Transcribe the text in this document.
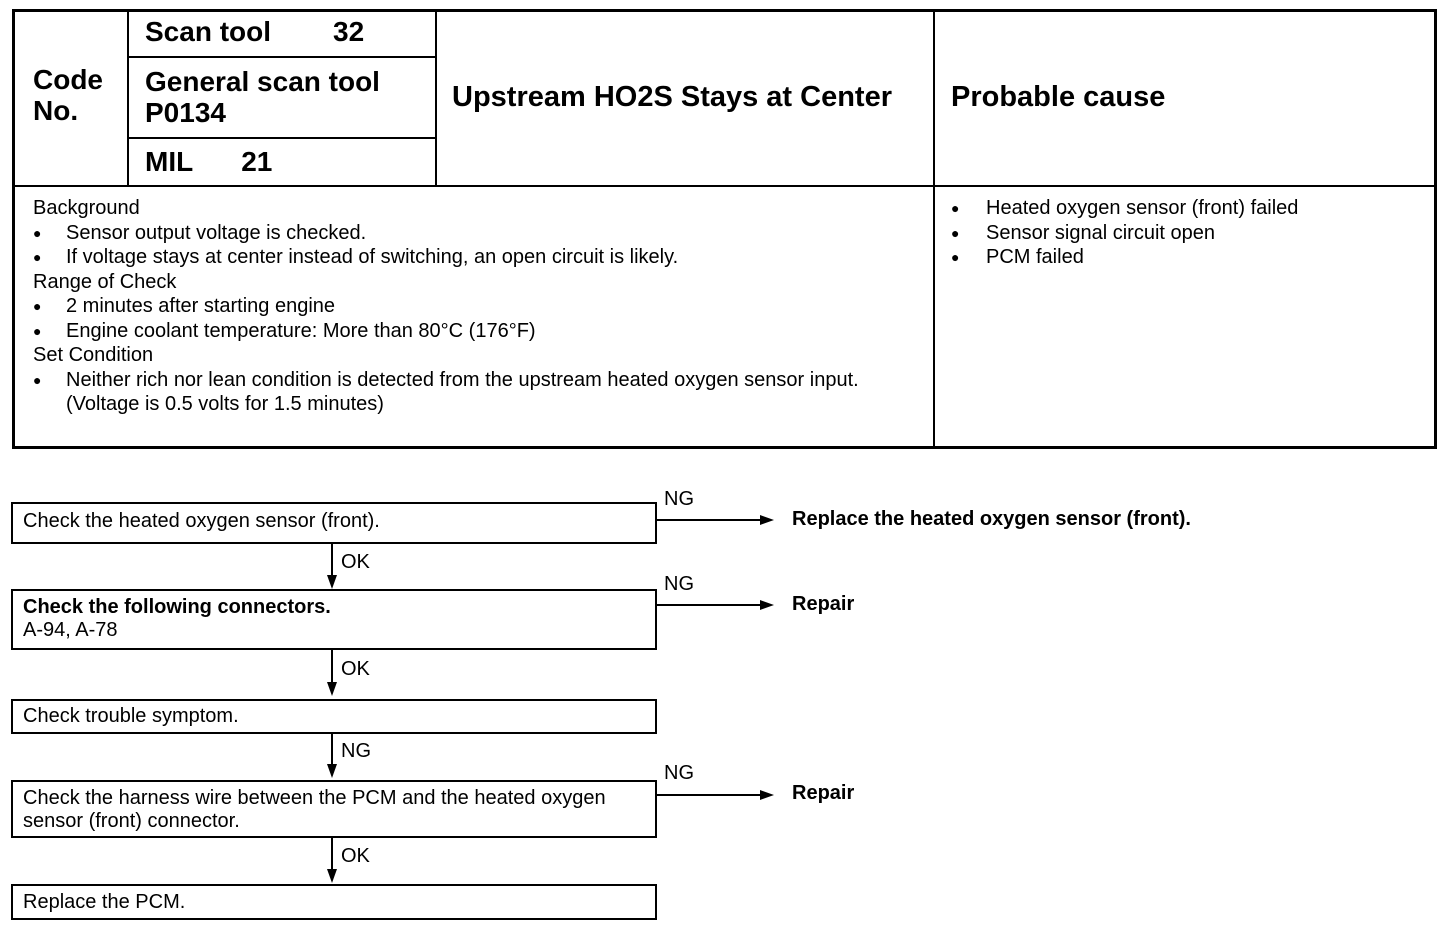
Code
No.
Scan tool 32
General scan tool
P0134
MIL 21
Upstream HO2S Stays at Center Probable cause
Background
● Sensor output voltage is checked.
● If voltage stays at center instead of switching, an open circuit is likely.
Range of Check
● 2 minutes after starting engine
● Engine coolant temperature: More than 80°C (176°F)
Set Condition
● Neither rich nor lean condition is detected from the upstream heated oxygen sensor input.
(Voltage is 0.5 volts for 1.5 minutes)
● Heated oxygen sensor (front) failed
● Sensor signal circuit open
● PCM failed
Check the heated oxygen sensor (front).
NG
Replace the heated oxygen sensor (front).
OK
Check the following connectors.
A-94, A-78
NG
Repair
OK
Check trouble symptom.
NG
Check the harness wire between the PCM and the heated oxygen
sensor (front) connector.
NG
Repair
OK
Replace the PCM.
